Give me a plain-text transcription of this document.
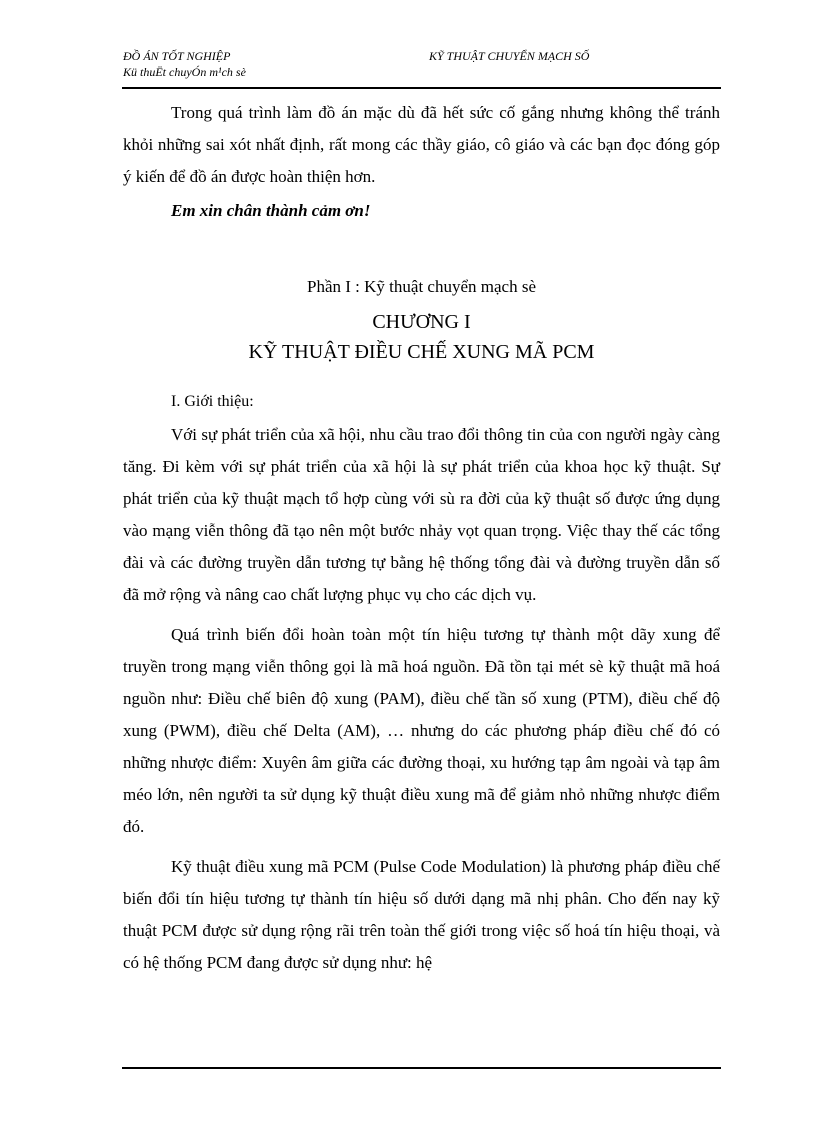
ĐỒ ÁN TỐT NGHIỆP
Kü thuËt chuyÓn m¹ch sè
KỸ THUẬT CHUYỂN MẠCH SỐ

Trong quá trình làm đồ án mặc dù đã hết sức cố gắng nhưng không thể tránh khỏi những sai xót nhất định, rất mong các thầy giáo, cô giáo và các bạn đọc đóng góp ý kiến để đồ án được hoàn thiện hơn.

Em xin chân thành cảm ơn!
Phần I : Kỹ thuật chuyển mạch sè
CHƯƠNG I
KỸ THUẬT ĐIỀU CHẾ XUNG MÃ PCM
I. Giới thiệu:

Với sự phát triển của xã hội, nhu cầu trao đổi thông tin của con người ngày càng tăng. Đi kèm với sự phát triển của xã hội là sự phát triển của khoa học kỹ thuật. Sự phát triển của kỹ thuật mạch tổ hợp cùng với sù ra đời của kỹ thuật số được ứng dụng vào mạng viễn thông đã tạo nên một bước nhảy vọt quan trọng. Việc thay thế các tổng đài và các đường truyền dẫn tương tự bằng hệ thống tổng đài và đường truyền dẫn số đã mở rộng và nâng cao chất lượng phục vụ cho các dịch vụ.

Quá trình biến đổi hoàn toàn một tín hiệu tương tự thành một dãy xung để truyền trong mạng viễn thông gọi là mã hoá nguồn. Đã tồn tại mét sè kỹ thuật mã hoá nguồn như: Điều chế biên độ xung (PAM), điều chế tần số xung (PTM), điều chế độ xung (PWM), điều chế Delta (AM), … nhưng do các phương pháp điều chế đó có những nhược điểm: Xuyên âm giữa các đường thoại, xu hướng tạp âm ngoài và tạp âm méo lớn, nên người ta sử dụng kỹ thuật điều xung mã để giảm nhỏ những nhược điểm đó.

Kỹ thuật điều xung mã PCM (Pulse Code Modulation) là phương pháp điều chế biến đổi tín hiệu tương tự thành tín hiệu số dưới dạng mã nhị phân. Cho đến nay kỹ thuật PCM được sử dụng rộng rãi trên toàn thế giới trong việc số hoá tín hiệu thoại, và có hệ thống PCM đang được sử dụng như: hệ
